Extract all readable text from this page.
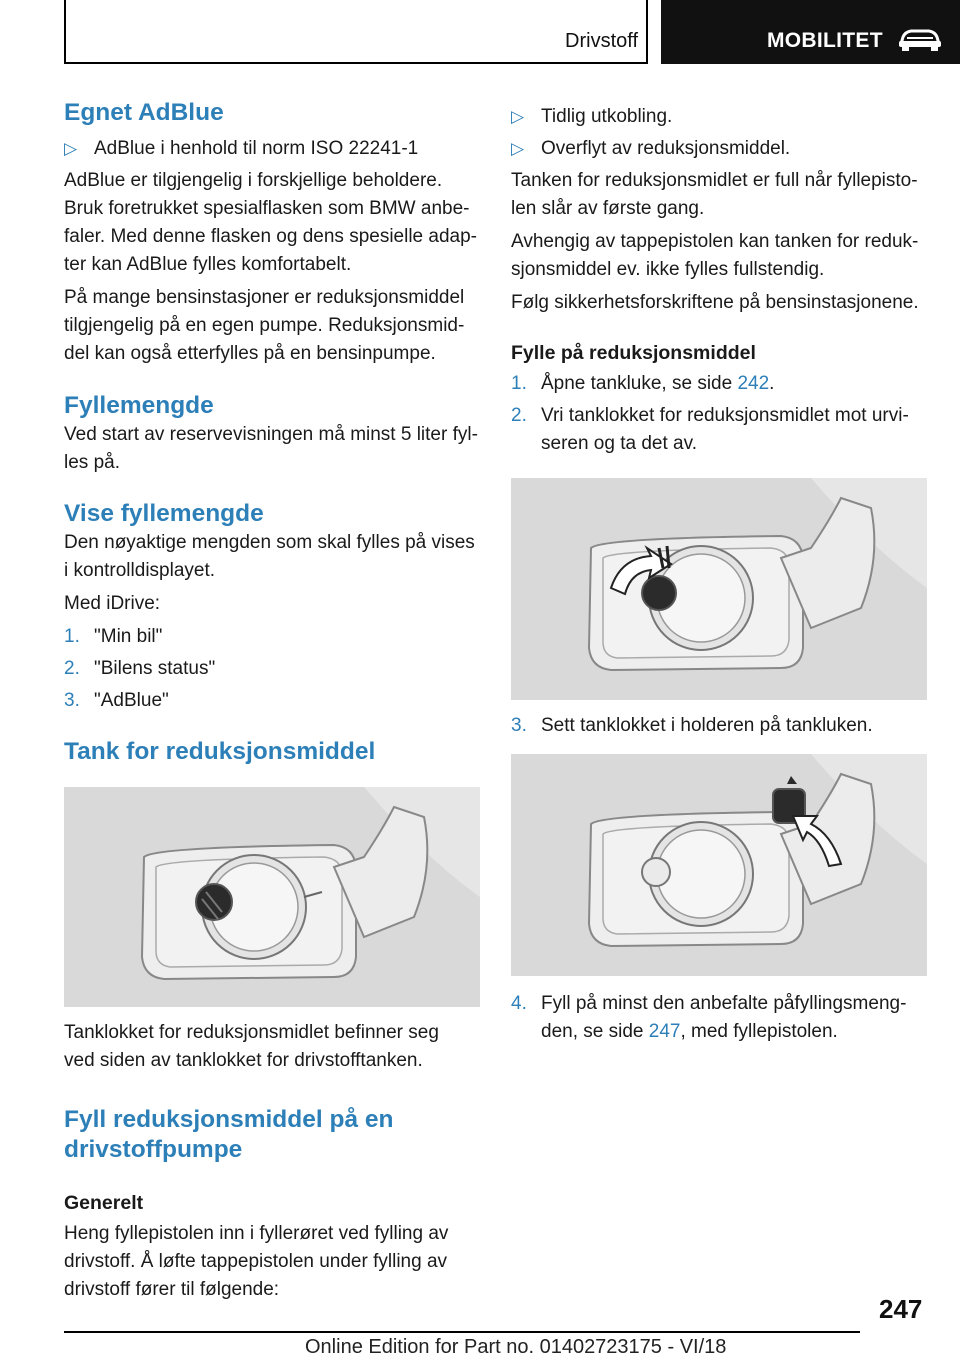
Drivstoff	MOBILITET
Egnet AdBlue
▷ AdBlue i henhold til norm ISO 22241-1

AdBlue er tilgjengelig i forskjellige beholdere.

Bruk foretrukket spesialflasken som BMW anbe-

faler. Med denne flasken og dens spesielle adap-

ter kan AdBlue fylles komfortabelt.

På mange bensinstasjoner er reduksjonsmiddel

tilgjengelig på en egen pumpe. Reduksjonsmid-

del kan også etterfylles på en bensinpumpe.

Fyllemengde

Ved start av reservevisningen må minst 5 liter fyl-

les på.

Vise fyllemengde

Den nøyaktige mengden som skal fylles på vises

i kontrolldisplayet.

Med iDrive:

1. "Min bil"
2. "Bilens status"
3. "AdBlue"
Tank for reduksjonsmiddel

Tanklokket for reduksjonsmidlet befinner seg

ved siden av tanklokket for drivstofftanken.

Fyll reduksjonsmiddel på en
drivstoffpumpe
Generelt

Heng fyllepistolen inn i fyllerøret ved fylling av

drivstoff. Å løfte tappepistolen under fylling av

drivstoff fører til følgende:

▷ Tidlig utkobling.
▷ Overflyt av reduksjonsmiddel.

Tanken for reduksjonsmidlet er full når fyllepisto-

len slår av første gang.

Avhengig av tappepistolen kan tanken for reduk-

sjonsmiddel ev. ikke fylles fullstendig.

Følg sikkerhetsforskriftene på bensinstasjonene.

Fylle på reduksjonsmiddel
1. Åpne tankluke, se side 242.
2. Vri tanklokket for reduksjonsmidlet mot urvi-
seren og ta det av.
3. Sett tanklokket i holderen på tankluken.
4. Fyll på minst den anbefalte påfyllingsmeng-
den, se side 247, med fyllepistolen.
247
Online Edition for Part no. 01402723175 - VI/18
